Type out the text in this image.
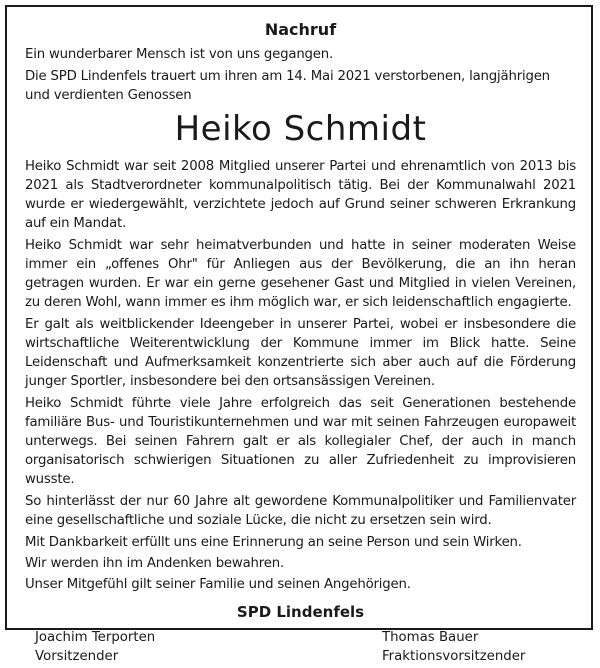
Nachruf
Ein wunderbarer Mensch ist von uns gegangen.
Die SPD Lindenfels trauert um ihren am 14. Mai 2021 verstorbenen, langjährigen und verdienten Genossen
Heiko Schmidt
Heiko Schmidt war seit 2008 Mitglied unserer Partei und ehrenamtlich von 2013 bis 2021 als Stadtverordneter kommunalpolitisch tätig. Bei der Kommunalwahl 2021 wurde er wiedergewählt, verzichtete jedoch auf Grund seiner schweren Erkrankung auf ein Mandat.
Heiko Schmidt war sehr heimatverbunden und hatte in seiner moderaten Weise immer ein „offenes Ohr" für Anliegen aus der Bevölkerung, die an ihn heran getragen wurden. Er war ein gerne gesehener Gast und Mitglied in vielen Vereinen, zu deren Wohl, wann immer es ihm möglich war, er sich leidenschaftlich engagierte.
Er galt als weitblickender Ideengeber in unserer Partei, wobei er insbesondere die wirtschaftliche Weiterentwicklung der Kommune immer im Blick hatte. Seine Leidenschaft und Aufmerksamkeit konzentrierte sich aber auch auf die Förderung junger Sportler, insbesondere bei den ortsansässigen Vereinen.
Heiko Schmidt führte viele Jahre erfolgreich das seit Generationen bestehende familiäre Bus- und Touristikunternehmen und war mit seinen Fahrzeugen europaweit unterwegs. Bei seinen Fahrern galt er als kollegialer Chef, der auch in manch organisatorisch schwierigen Situationen zu aller Zufriedenheit zu improvisieren wusste.
So hinterlässt der nur 60 Jahre alt gewordene Kommunalpolitiker und Familienvater eine gesellschaftliche und soziale Lücke, die nicht zu ersetzen sein wird.
Mit Dankbarkeit erfüllt uns eine Erinnerung an seine Person und sein Wirken.
Wir werden ihn im Andenken bewahren.
Unser Mitgefühl gilt seiner Familie und seinen Angehörigen.
SPD Lindenfels
Joachim Terporten
Vorsitzender
Thomas Bauer
Fraktionsvorsitzender
